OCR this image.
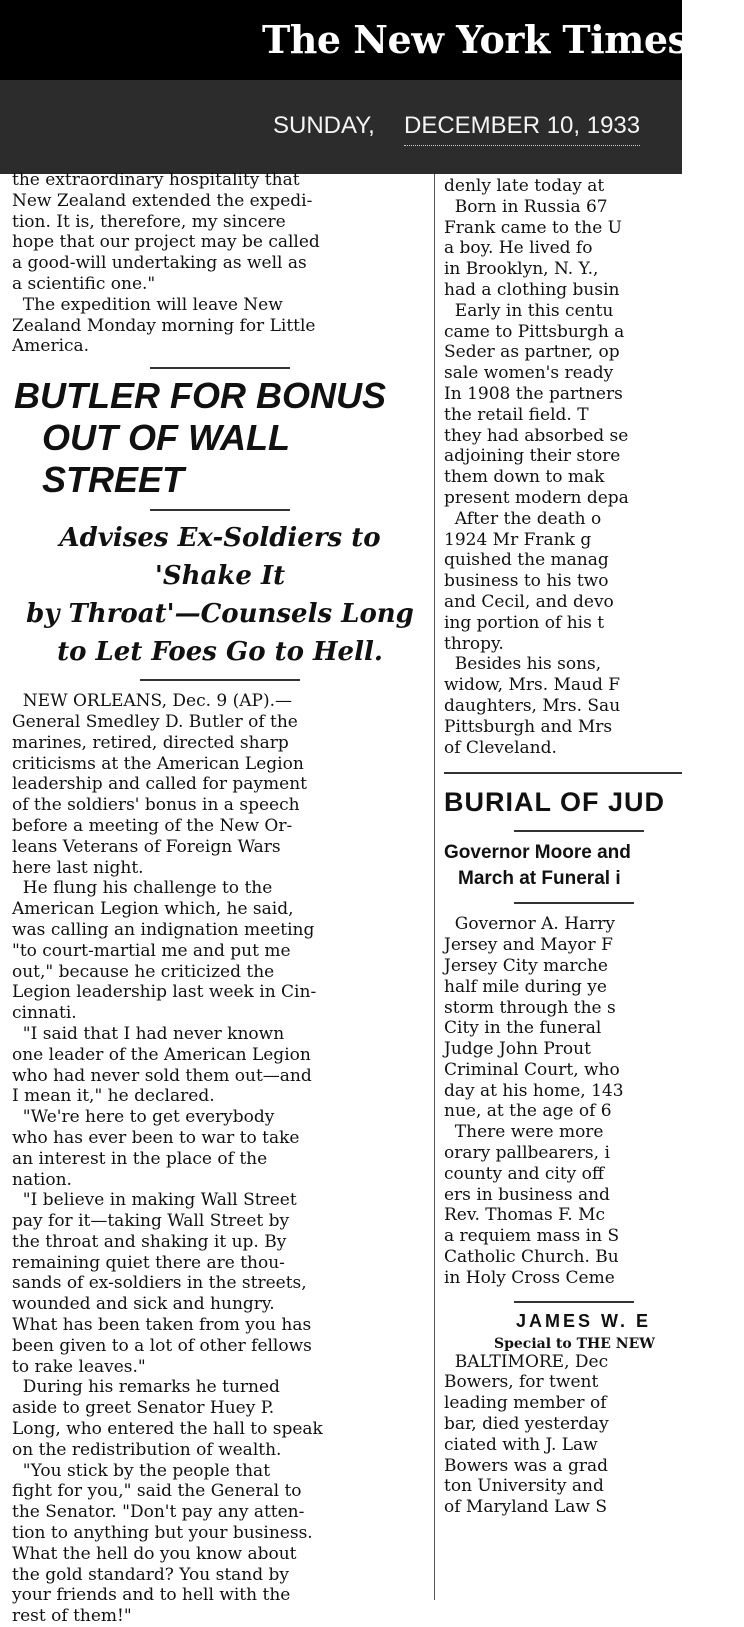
The New York Times
SUNDAY, DECEMBER 10, 1933
the extraordinary hospitality that
New Zealand extended the expedi-
tion. It is, therefore, my sincere
hope that our project may be called
a good-will undertaking as well as
a scientific one."
The expedition will leave New
Zealand Monday morning for Little
America.
BUTLER FOR BONUS
OUT OF WALL STREET
Advises Ex-Soldiers to 'Shake It
by Throat'—Counsels Long
to Let Foes Go to Hell.
NEW ORLEANS, Dec. 9 (AP).—
General Smedley D. Butler of the
marines, retired, directed sharp
criticisms at the American Legion
leadership and called for payment
of the soldiers' bonus in a speech
before a meeting of the New Or-
leans Veterans of Foreign Wars
here last night.
He flung his challenge to the
American Legion which, he said,
was calling an indignation meeting
"to court-martial me and put me
out," because he criticized the
Legion leadership last week in Cin-
cinnati.
"I said that I had never known
one leader of the American Legion
who had never sold them out—and
I mean it," he declared.
"We're here to get everybody
who has ever been to war to take
an interest in the place of the
nation.
"I believe in making Wall Street
pay for it—taking Wall Street by
the throat and shaking it up. By
remaining quiet there are thou-
sands of ex-soldiers in the streets,
wounded and sick and hungry.
What has been taken from you has
been given to a lot of other fellows
to rake leaves."
During his remarks he turned
aside to greet Senator Huey P.
Long, who entered the hall to speak
on the redistribution of wealth.
"You stick by the people that
fight for you," said the General to
the Senator. "Don't pay any atten-
tion to anything but your business.
What the hell do you know about
the gold standard? You stand by
your friends and to hell with the
rest of them!"
denly late today at
Born in Russia 67
Frank came to the U
a boy. He lived fo
in Brooklyn, N. Y.,
had a clothing busin
Early in this centu
came to Pittsburgh a
Seder as partner, op
sale women's ready
In 1908 the partners
the retail field. T
they had absorbed se
adjoining their store
them down to mak
present modern depa
After the death o
1924 Mr Frank g
quished the manag
business to his two
and Cecil, and devo
ing portion of his t
thropy.
Besides his sons,
widow, Mrs. Maud F
daughters, Mrs. Sau
Pittsburgh and Mrs
of Cleveland.
BURIAL OF JUD
Governor Moore and
March at Funeral i
Governor A. Harry
Jersey and Mayor F
Jersey City marche
half mile during ye
storm through the s
City in the funeral
Judge John Prout
Criminal Court, who
day at his home, 143
nue, at the age of 6
There were more
orary pallbearers, i
county and city off
ers in business and
Rev. Thomas F. Mc
a requiem mass in S
Catholic Church. Bu
in Holy Cross Ceme
JAMES W. E
Special to THE NEW
BALTIMORE, Dec
Bowers, for twent
leading member of
bar, died yesterday
ciated with J. Law
Bowers was a grad
ton University and
of Maryland Law S
